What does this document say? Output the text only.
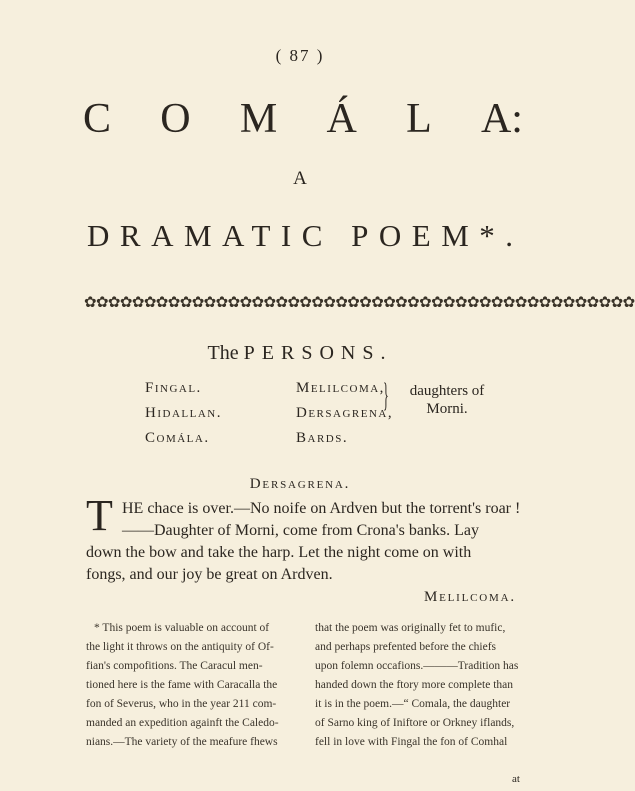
( 87 )
C O M Á L A:
A
DRAMATIC POEM*.
✿✿✿✿✿✿✿✿✿✿✿✿✿✿✿✿✿✿✿✿✿✿✿✿✿✿✿✿✿✿✿✿✿✿✿✿✿✿✿✿✿✿✿✿✿✿
The PERSONS.
Fingal.	Melilcoma,
Hidallan.	Dersagrena,
Comála.	Bards.
}	daughters of
Morni.
Dersagrena.
T HE chace is over.—No noife on Ardven but the torrent's roar !
——Daughter of Morni, come from Crona's banks. Lay
down the bow and take the harp. Let the night come on with
fongs, and our joy be great on Ardven.
Melilcoma.
* This poem is valuable on account of
the light it throws on the antiquity of Of-
fian's compofitions. The Caracul men-
tioned here is the fame with Caracalla the
fon of Severus, who in the year 211 com-
manded an expedition againft the Caledo-
nians.—The variety of the meafure fhews
that the poem was originally fet to mufic,
and perhaps prefented before the chiefs
upon folemn occafions.———Tradition has
handed down the ftory more complete than
it is in the poem.—“ Comala, the daughter
of Sarno king of Iniftore or Orkney iflands,
fell in love with Fingal the fon of Comhal
at
